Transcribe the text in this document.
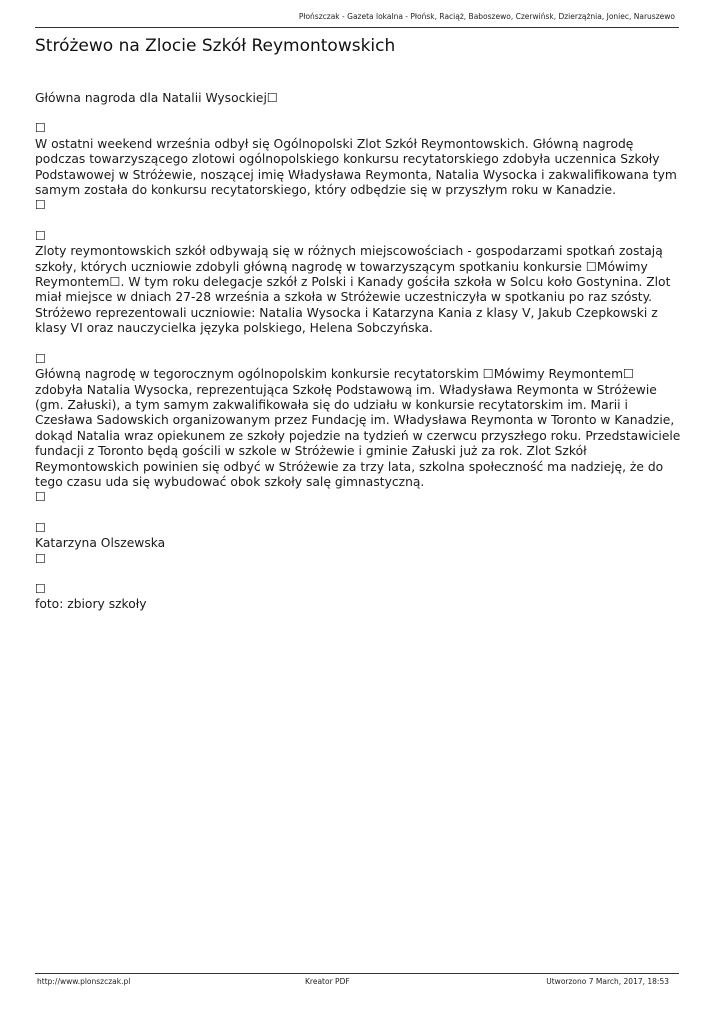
Płońszczak - Gazeta lokalna - Płońsk, Raciąż, Baboszewo, Czerwińsk, Dzierzążnia, Joniec, Naruszewo
Stróżewo na Zlocie Szkół Reymontowskich

Główna nagroda dla Natalii Wysockiej☐

☐
W ostatni weekend września odbył się Ogólnopolski Zlot Szkół Reymontowskich. Główną nagrodę podczas towarzyszącego zlotowi ogólnopolskiego konkursu recytatorskiego zdobyła uczennica Szkoły Podstawowej w Stróżewie, noszącej imię Władysława Reymonta, Natalia Wysocka i zakwalifikowana tym samym została do konkursu recytatorskiego, który odbędzie się w przyszłym roku w Kanadzie.
☐

☐
Zloty reymontowskich szkół odbywają się w różnych miejscowościach - gospodarzami spotkań zostają szkoły, których uczniowie zdobyli główną nagrodę w towarzyszącym spotkaniu konkursie ☐Mówimy Reymontem☐. W tym roku delegacje szkół z Polski i Kanady gościła szkoła w Solcu koło Gostynina. Zlot miał miejsce w dniach 27-28 września a szkoła w Stróżewie uczestniczyła w spotkaniu po raz szósty. Stróżewo reprezentowali uczniowie: Natalia Wysocka i Katarzyna Kania z klasy V, Jakub Czepkowski z klasy VI oraz nauczycielka języka polskiego, Helena Sobczyńska.

☐
Główną nagrodę w tegorocznym ogólnopolskim konkursie recytatorskim ☐Mówimy Reymontem☐ zdobyła Natalia Wysocka, reprezentująca Szkołę Podstawową im. Władysława Reymonta w Stróżewie (gm. Załuski), a tym samym zakwalifikowała się do udziału w konkursie recytatorskim im. Marii i Czesława Sadowskich organizowanym przez Fundację im. Władysława Reymonta w Toronto w Kanadzie, dokąd Natalia wraz opiekunem ze szkoły pojedzie na tydzień w czerwcu przyszłego roku. Przedstawiciele fundacji z Toronto będą gościli w szkole w Stróżewie i gminie Załuski już za rok. Zlot Szkół Reymontowskich powinien się odbyć w Stróżewie za trzy lata, szkolna społeczność ma nadzieję, że do tego czasu uda się wybudować obok szkoły salę gimnastyczną.
☐

☐
Katarzyna Olszewska
☐

☐
foto: zbiory szkoły

http://www.plonszczak.pl	Kreator PDF	Utworzono 7 March, 2017, 18:53
